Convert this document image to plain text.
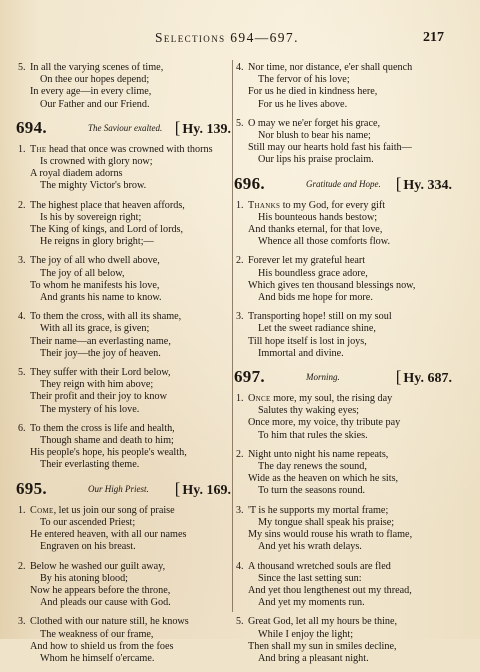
Selections 694—697.	217
5. In all the varying scenes of time,
On thee our hopes depend;
In every age—in every clime,
Our Father and our Friend.
694.	The Saviour exalted. [ Hy. 139.
1. The head that once was crowned with thorns
Is crowned with glory now;
A royal diadem adorns
The mighty Victor's brow.
2. The highest place that heaven affords,
Is his by sovereign right;
The King of kings, and Lord of lords,
He reigns in glory bright;—
3. The joy of all who dwell above,
The joy of all below,
To whom he manifests his love,
And grants his name to know.
4. To them the cross, with all its shame,
With all its grace, is given;
Their name—an everlasting name,
Their joy—the joy of heaven.
5. They suffer with their Lord below,
They reign with him above;
Their profit and their joy to know
The mystery of his love.
6. To them the cross is life and health,
Though shame and death to him;
His people's hope, his people's wealth,
Their everlasting theme.
695.	Our High Priest. [ Hy. 169.
1. Come, let us join our song of praise
To our ascended Priest;
He entered heaven, with all our names
Engraven on his breast.
2. Below he washed our guilt away,
By his atoning blood;
Now he appears before the throne,
And pleads our cause with God.
3. Clothed with our nature still, he knows
The weakness of our frame,
And how to shield us from the foes
Whom he himself o'ercame.
4. Nor time, nor distance, e'er shall quench
The fervor of his love;
For us he died in kindness here,
For us he lives above.
5. O may we ne'er forget his grace,
Nor blush to bear his name;
Still may our hearts hold fast his faith—
Our lips his praise proclaim.
696.	Gratitude and Hope. [ Hy. 334.
1. Thanks to my God, for every gift
His bounteous hands bestow;
And thanks eternal, for that love,
Whence all those comforts flow.
2. Forever let my grateful heart
His boundless grace adore,
Which gives ten thousand blessings now,
And bids me hope for more.
3. Transporting hope! still on my soul
Let the sweet radiance shine,
Till hope itself is lost in joys,
Immortal and divine.
697.	Morning.	[ Hy. 687.
1. Once more, my soul, the rising day
Salutes thy waking eyes;
Once more, my voice, thy tribute pay
To him that rules the skies.
2. Night unto night his name repeats,
The day renews the sound,
Wide as the heaven on which he sits,
To turn the seasons round.
3. 'T is he supports my mortal frame;
My tongue shall speak his praise;
My sins would rouse his wrath to flame,
And yet his wrath delays.
4. A thousand wretched souls are fled
Since the last setting sun:
And yet thou lengthenest out my thread,
And yet my moments run.
5. Great God, let all my hours be thine,
While I enjoy the light;
Then shall my sun in smiles decline,
And bring a pleasant night.
